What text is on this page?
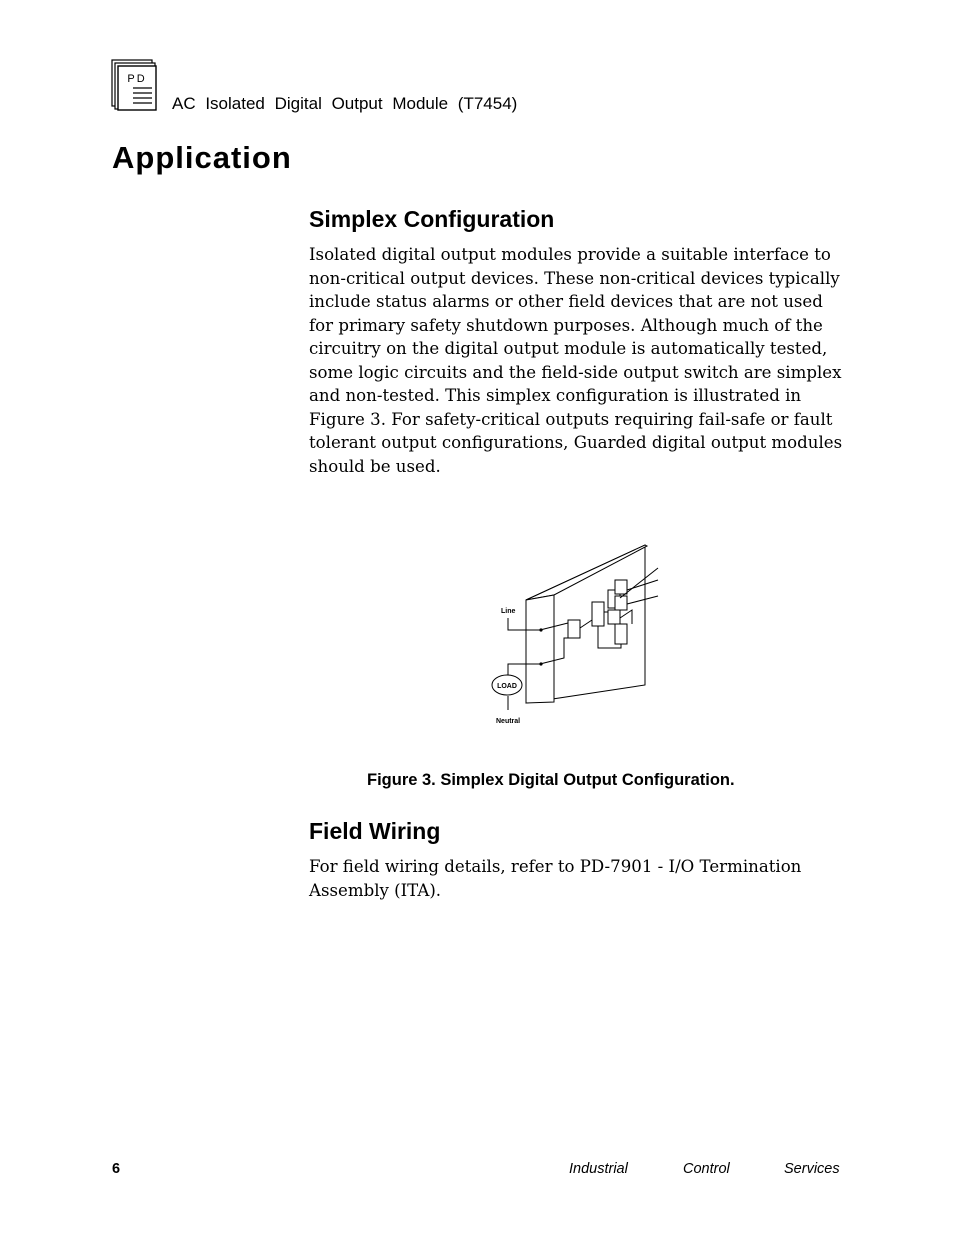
PD
AC Isolated Digital Output Module (T7454)
Application
Simplex Configuration

Isolated digital output modules provide a suitable interface to non-critical output devices. These non-critical devices typically include status alarms or other field devices that are not used for primary safety shutdown purposes. Although much of the circuitry on the digital output module is automatically tested, some logic circuits and the field-side output switch are simplex and non-tested. This simplex configuration is illustrated in Figure 3. For safety-critical outputs requiring fail-safe or fault tolerant output configurations, Guarded digital output modules should be used.

Line
LOAD
Neutral

Figure 3. Simplex Digital Output Configuration.

Field Wiring

For field wiring details, refer to PD-7901 - I/O Termination Assembly (ITA).

6	Industrial	Control	Services
